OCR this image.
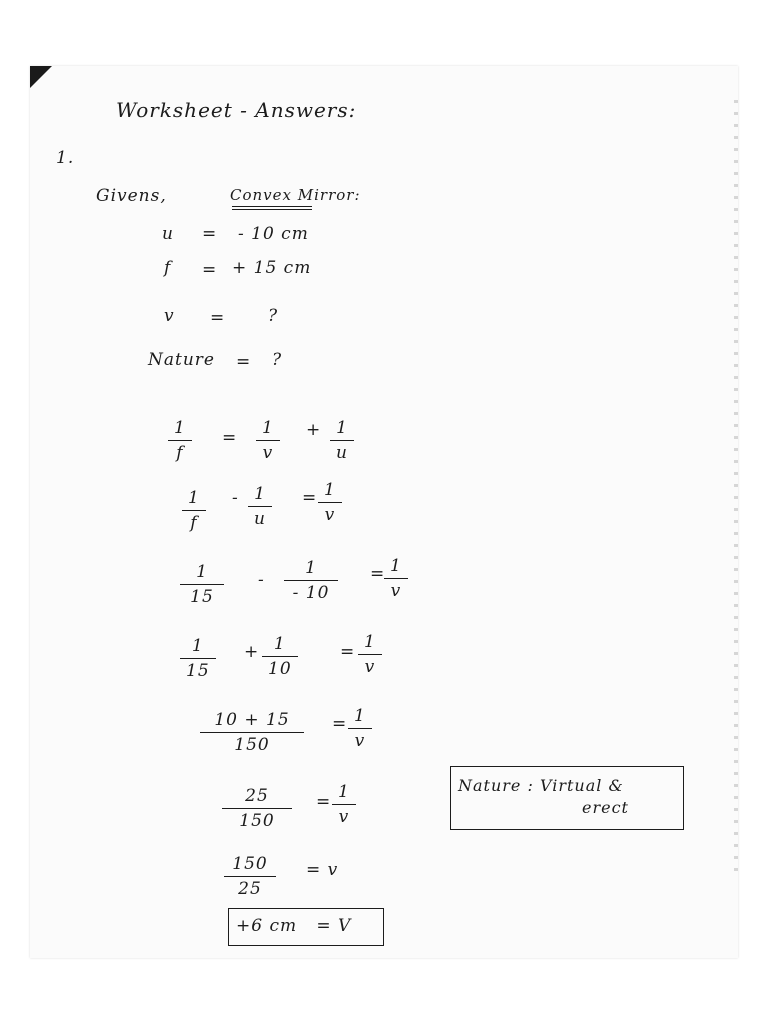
Worksheet - Answers:
1.
Givens,	Convex Mirror:
u = - 10 cm
f = + 15 cm
v =	?
Nature = ?
1
f
=	1
v
+ 1
u
1
f
- 1
u
= 1
v
1
15
-
1
- 10
= 1
v
1
15
+ 1
10
= 1
v
10 + 15
150
= 1
v
25
150
= 1
v
150
25
= v
+6 cm   = V
Nature : Virtual &
erect
